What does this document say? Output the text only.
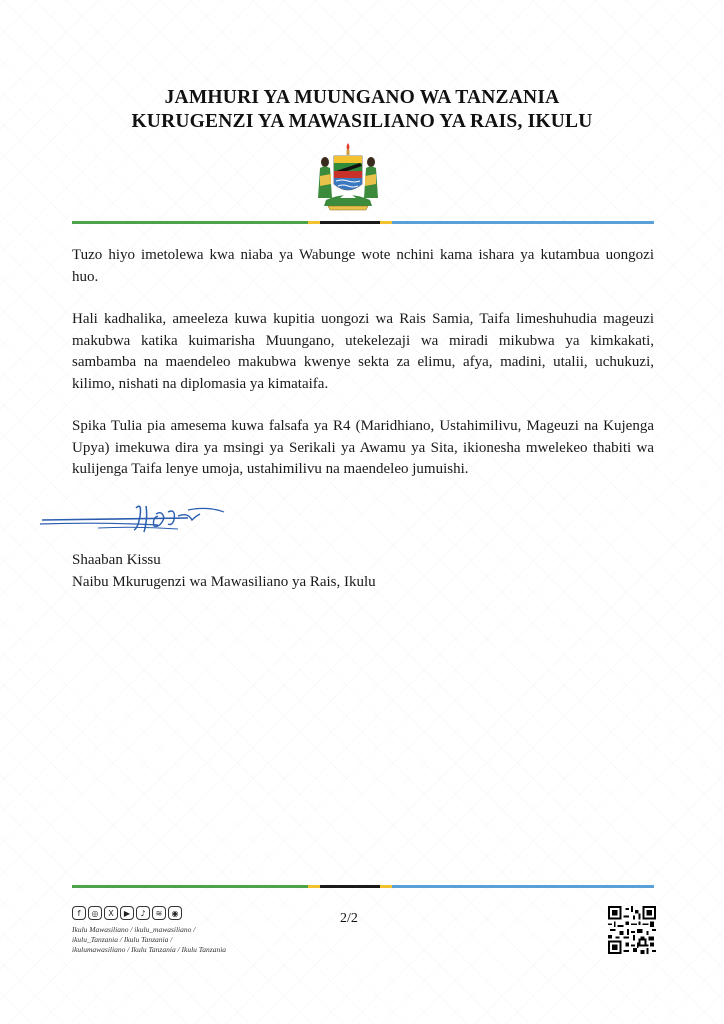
JAMHURI YA MUUNGANO WA TANZANIA
KURUGENZI YA MAWASILIANO YA RAIS, IKULU

Tuzo hiyo imetolewa kwa niaba ya Wabunge wote nchini kama ishara ya kutambua uongozi huo.

Hali kadhalika, ameeleza kuwa kupitia uongozi wa Rais Samia, Taifa limeshuhudia mageuzi makubwa katika kuimarisha Muungano, utekelezaji wa miradi mikubwa ya kimkakati, sambamba na maendeleo makubwa kwenye sekta za elimu, afya, madini, utalii, uchukuzi, kilimo, nishati na diplomasia ya kimataifa.

Spika Tulia pia amesema kuwa falsafa ya R4 (Maridhiano, Ustahimilivu, Mageuzi na Kujenga Upya) imekuwa dira ya msingi ya Serikali ya Awamu ya Sita, ikionesha mwelekeo thabiti wa kulijenga Taifa lenye umoja, ustahimilivu na maendeleo jumuishi.

Shaaban Kissu
Naibu Mkurugenzi wa Mawasiliano ya Rais, Ikulu
f	◎	X	▶	♪	≋	◉
Ikulu Mawasiliano / ikulu_mawasiliano /
ikulu_Tanzania / Ikulu Tanzania /
ikulumawasiliano / Ikulu Tanzania / Ikulu Tanzania
2/2
